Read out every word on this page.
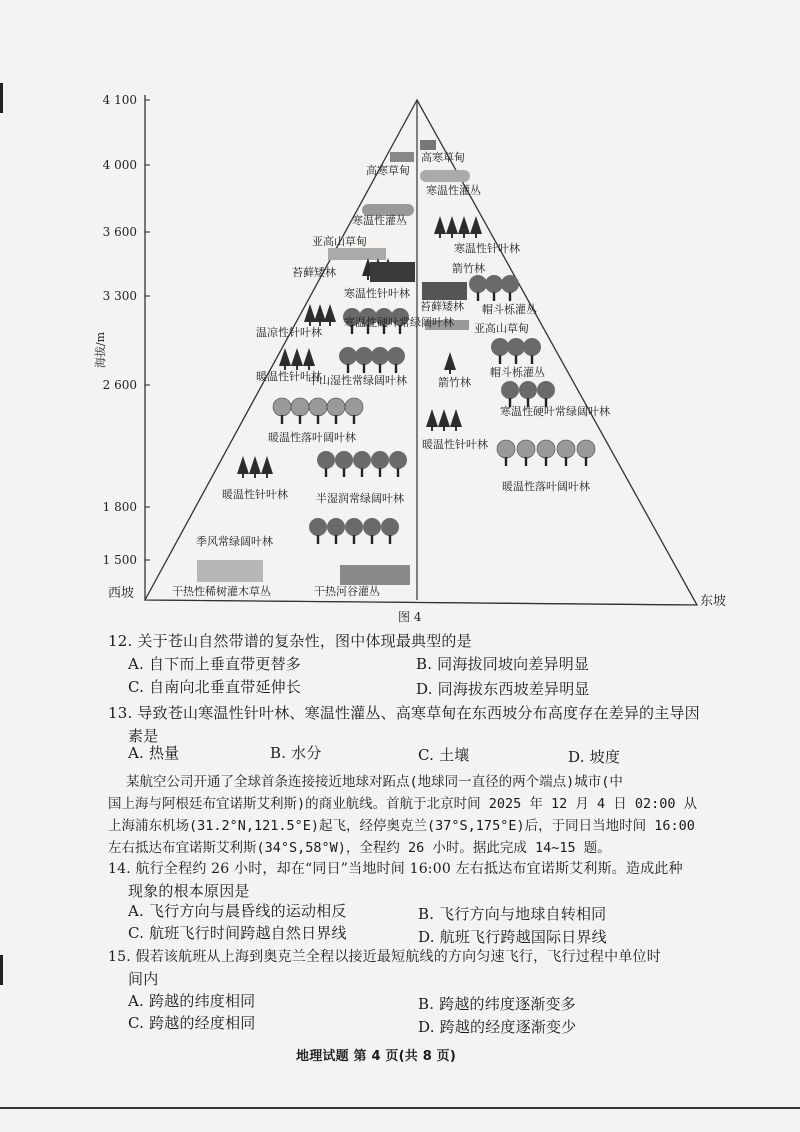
4 100
4 000
3 600
3 300
2 600
1 800
1 500
海拔/m
西坡
东坡
图 4
高寒草甸
寒温性灌丛
亚高山草甸
苔藓矮林
寒温性针叶林
温凉性针叶林
寒温性硬叶常绿阔叶林
暖温性针叶林
中山湿性常绿阔叶林
暖温性落叶阔叶林
暖温性针叶林	半湿润常绿阔叶林
季风常绿阔叶林
干热性稀树灌木草丛	干热河谷灌丛
高寒草甸
寒温性灌丛
寒温性针叶林
箭竹林
苔藓矮林 帽斗栎灌丛
亚高山草甸
箭竹林
帽斗栎灌丛
寒温性硬叶常绿阔叶林
暖温性针叶林
暖温性落叶阔叶林
12. 关于苍山自然带谱的复杂性，图中体现最典型的是
A. 自下而上垂直带更替多	B. 同海拔同坡向差异明显
C. 自南向北垂直带延伸长	D. 同海拔东西坡差异明显
13. 导致苍山寒温性针叶林、寒温性灌丛、高寒草甸在东西坡分布高度存在差异的主导因
素是
A. 热量	B. 水分	C. 土壤	D. 坡度
某航空公司开通了全球首条连接接近地球对跖点(地球同一直径的两个端点)城市(中
国上海与阿根廷布宜诺斯艾利斯)的商业航线。首航于北京时间 2025 年 12 月 4 日 02:00 从
上海浦东机场(31.2°N,121.5°E)起飞，经停奥克兰(37°S,175°E)后，于同日当地时间 16:00
左右抵达布宜诺斯艾利斯(34°S,58°W)，全程约 26 小时。据此完成 14~15 题。
14. 航行全程约 26 小时，却在“同日”当地时间 16:00 左右抵达布宜诺斯艾利斯。造成此种
现象的根本原因是
A. 飞行方向与晨昏线的运动相反	B. 飞行方向与地球自转相同
C. 航班飞行时间跨越自然日界线	D. 航班飞行跨越国际日界线
15. 假若该航班从上海到奥克兰全程以接近最短航线的方向匀速飞行，飞行过程中单位时
间内
A. 跨越的纬度相同	B. 跨越的纬度逐渐变多
C. 跨越的经度相同	D. 跨越的经度逐渐变少
地理试题 第 4 页(共 8 页)
